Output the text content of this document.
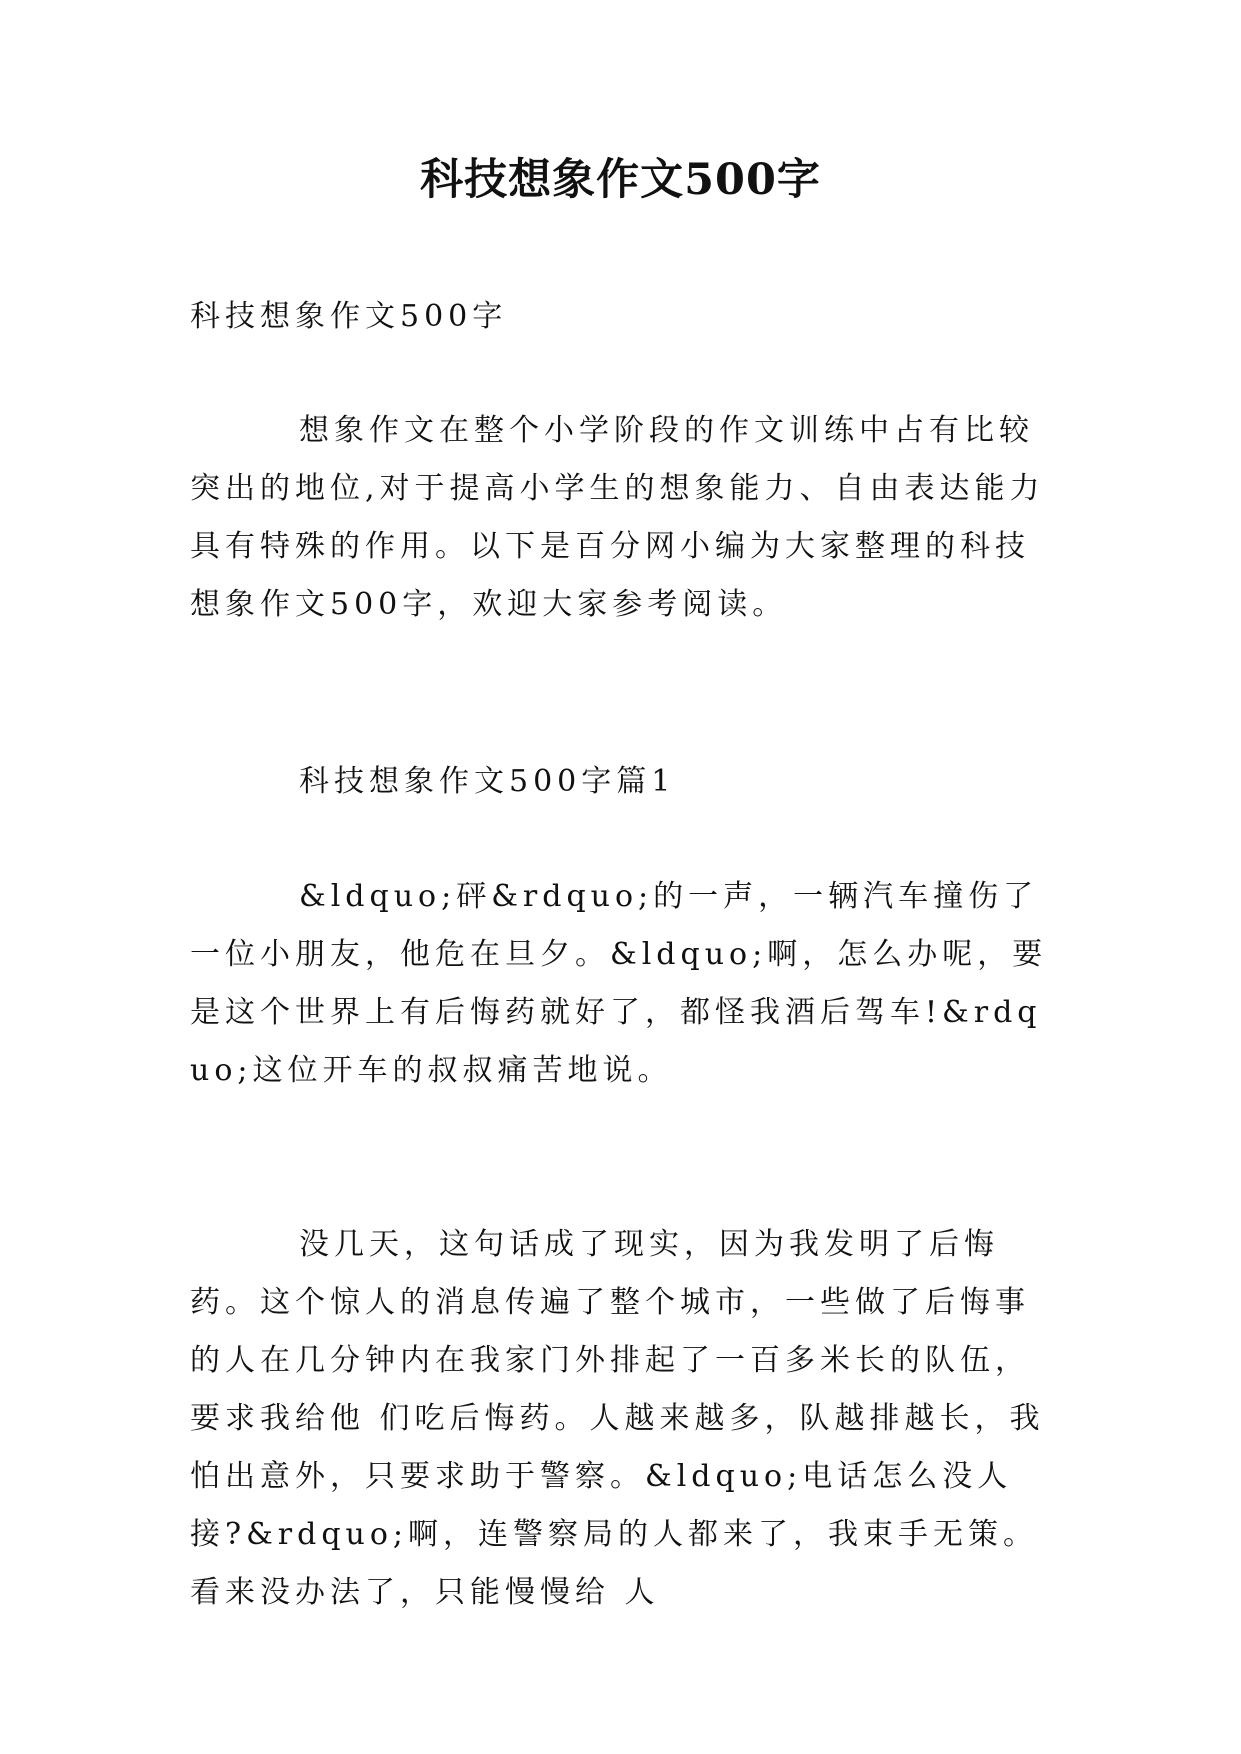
科技想象作文500字
科技想象作文500字
想象作文在整个小学阶段的作文训练中占有比较突出的地位,对于提高小学生的想象能力、自由表达能力具有特殊的作用。以下是百分网小编为大家整理的科技想象作文500字，欢迎大家参考阅读。
科技想象作文500字篇1
&ldquo;砰&rdquo;的一声，一辆汽车撞伤了一位小朋友，他危在旦夕。&ldquo;啊，怎么办呢，要是这个世界上有后悔药就好了，都怪我酒后驾车!&rdquo;这位开车的叔叔痛苦地说。
没几天，这句话成了现实，因为我发明了后悔药。这个惊人的消息传遍了整个城市，一些做了后悔事的人在几分钟内在我家门外排起了一百多米长的队伍，要求我给他 们吃后悔药。人越来越多，队越排越长，我怕出意外，只要求助于警察。&ldquo;电话怎么没人接?&rdquo;啊，连警察局的人都来了，我束手无策。看来没办法了，只能慢慢给 人
